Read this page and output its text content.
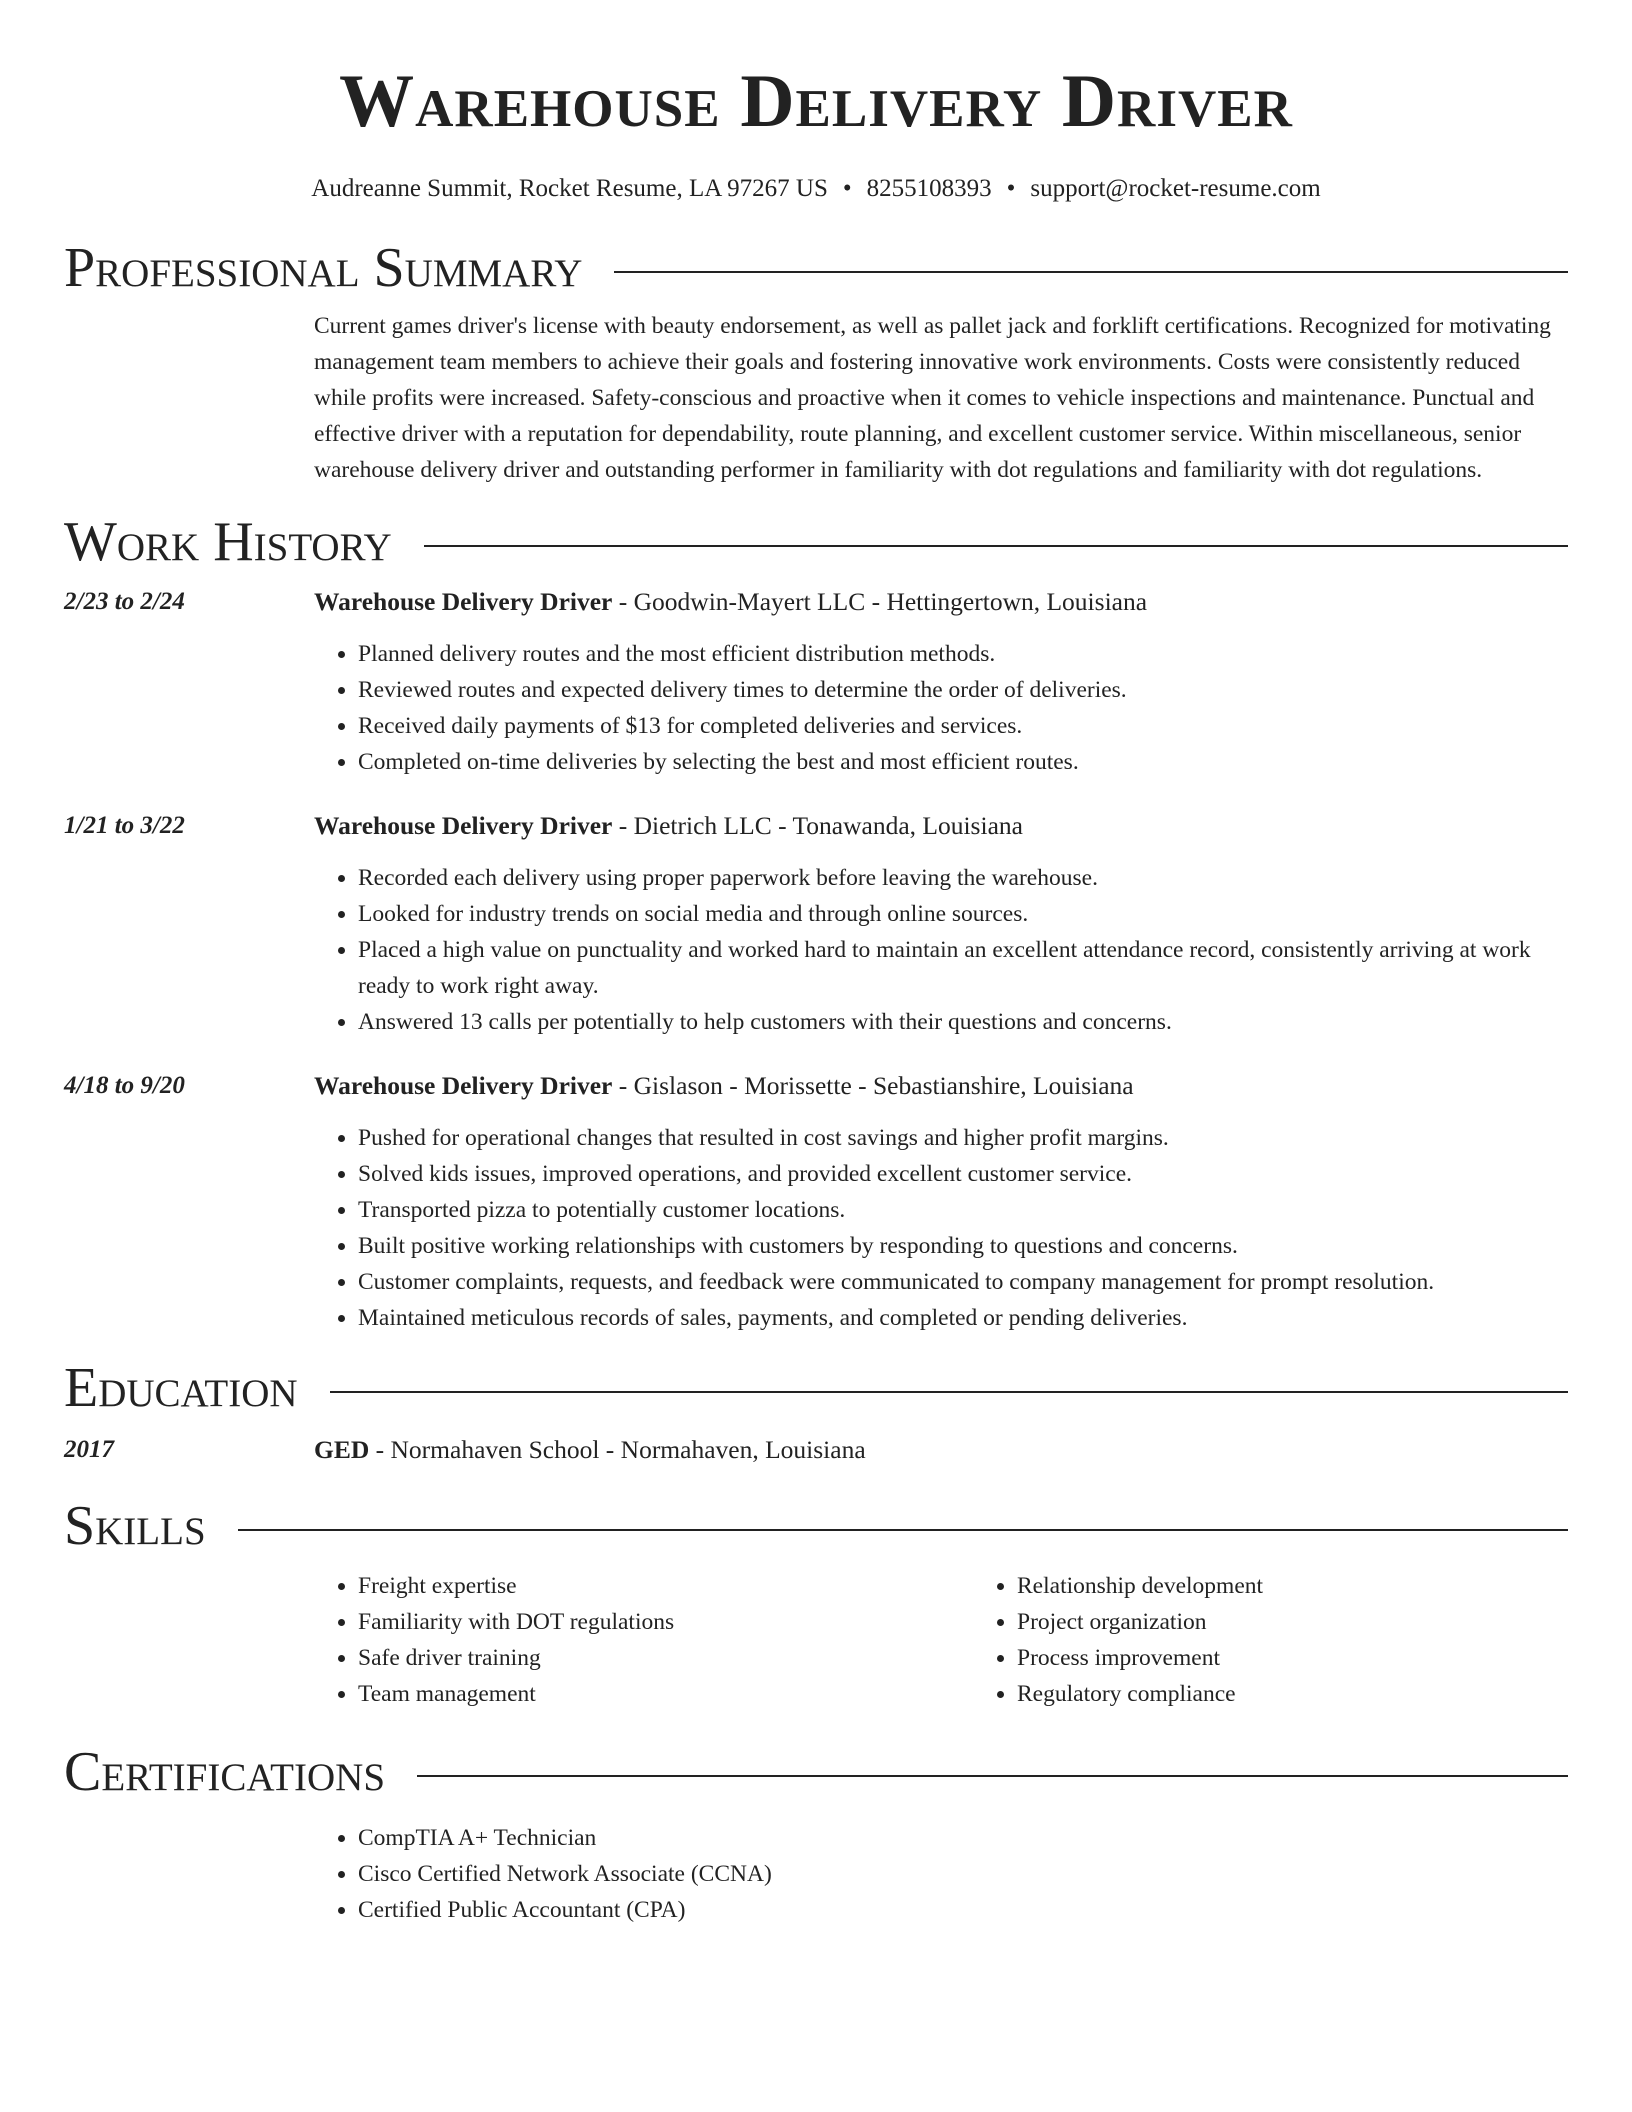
Warehouse Delivery Driver
Audreanne Summit, Rocket Resume, LA 97267 US • 8255108393 • support@rocket-resume.com
Professional Summary
Current games driver's license with beauty endorsement, as well as pallet jack and forklift certifications. Recognized for motivating management team members to achieve their goals and fostering innovative work environments. Costs were consistently reduced while profits were increased. Safety-conscious and proactive when it comes to vehicle inspections and maintenance. Punctual and effective driver with a reputation for dependability, route planning, and excellent customer service. Within miscellaneous, senior warehouse delivery driver and outstanding performer in familiarity with dot regulations and familiarity with dot regulations.
Work History
2/23 to 2/24	Warehouse Delivery Driver - Goodwin-Mayert LLC - Hettingertown, Louisiana
• Planned delivery routes and the most efficient distribution methods.
• Reviewed routes and expected delivery times to determine the order of deliveries.
• Received daily payments of $13 for completed deliveries and services.
• Completed on-time deliveries by selecting the best and most efficient routes.
1/21 to 3/22	Warehouse Delivery Driver - Dietrich LLC - Tonawanda, Louisiana
• Recorded each delivery using proper paperwork before leaving the warehouse.
• Looked for industry trends on social media and through online sources.
• Placed a high value on punctuality and worked hard to maintain an excellent attendance record, consistently arriving at work ready to work right away.
• Answered 13 calls per potentially to help customers with their questions and concerns.
4/18 to 9/20	Warehouse Delivery Driver - Gislason - Morissette - Sebastianshire, Louisiana
• Pushed for operational changes that resulted in cost savings and higher profit margins.
• Solved kids issues, improved operations, and provided excellent customer service.
• Transported pizza to potentially customer locations.
• Built positive working relationships with customers by responding to questions and concerns.
• Customer complaints, requests, and feedback were communicated to company management for prompt resolution.
• Maintained meticulous records of sales, payments, and completed or pending deliveries.
Education
2017	GED - Normahaven School - Normahaven, Louisiana
Skills
• Freight expertise
• Familiarity with DOT regulations
• Safe driver training
• Team management
• Relationship development
• Project organization
• Process improvement
• Regulatory compliance
Certifications
• CompTIA A+ Technician
• Cisco Certified Network Associate (CCNA)
• Certified Public Accountant (CPA)
